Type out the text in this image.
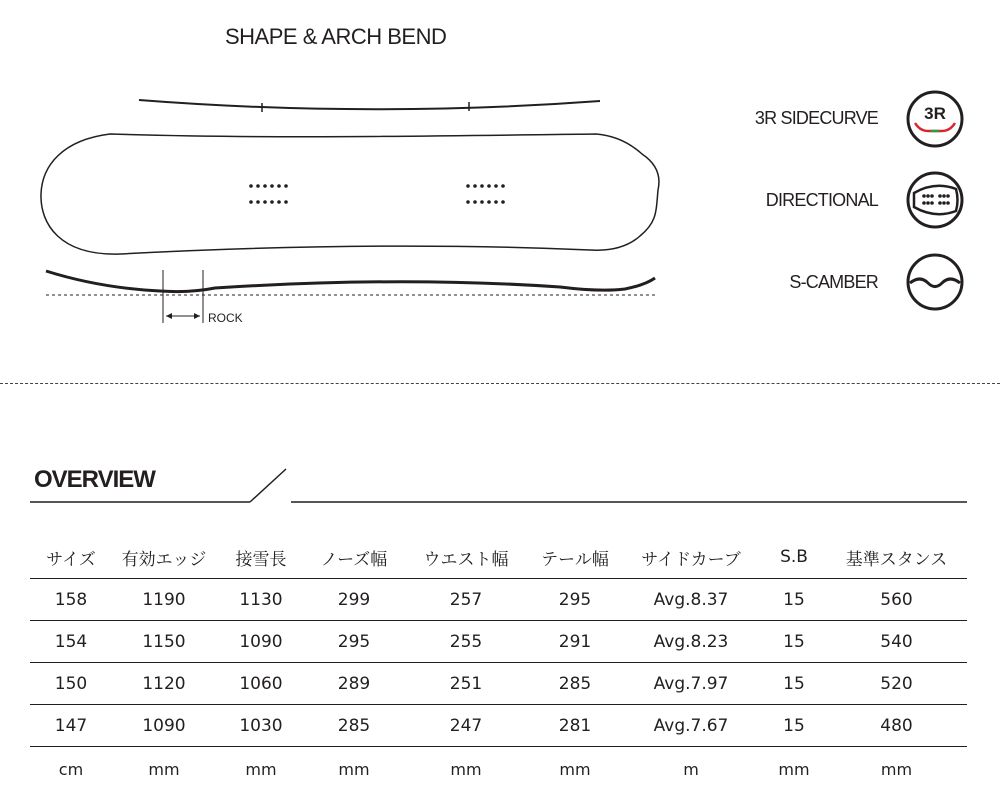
SHAPE & ARCH BEND
ROCK
3R SIDECURVE	3R
DIRECTIONAL
S-CAMBER
OVERVIEW
サイズ	有効エッジ	接雪長	ノーズ幅	ウエスト幅	テール幅	サイドカーブ	S.B	基準スタンス
158	1190	1130	299	257	295	Avg.8.37	15	560
154	1150	1090	295	255	291	Avg.8.23	15	540
150	1120	1060	289	251	285	Avg.7.97	15	520
147	1090	1030	285	247	281	Avg.7.67	15	480
cm	mm	mm	mm	mm	mm	m	mm	mm
